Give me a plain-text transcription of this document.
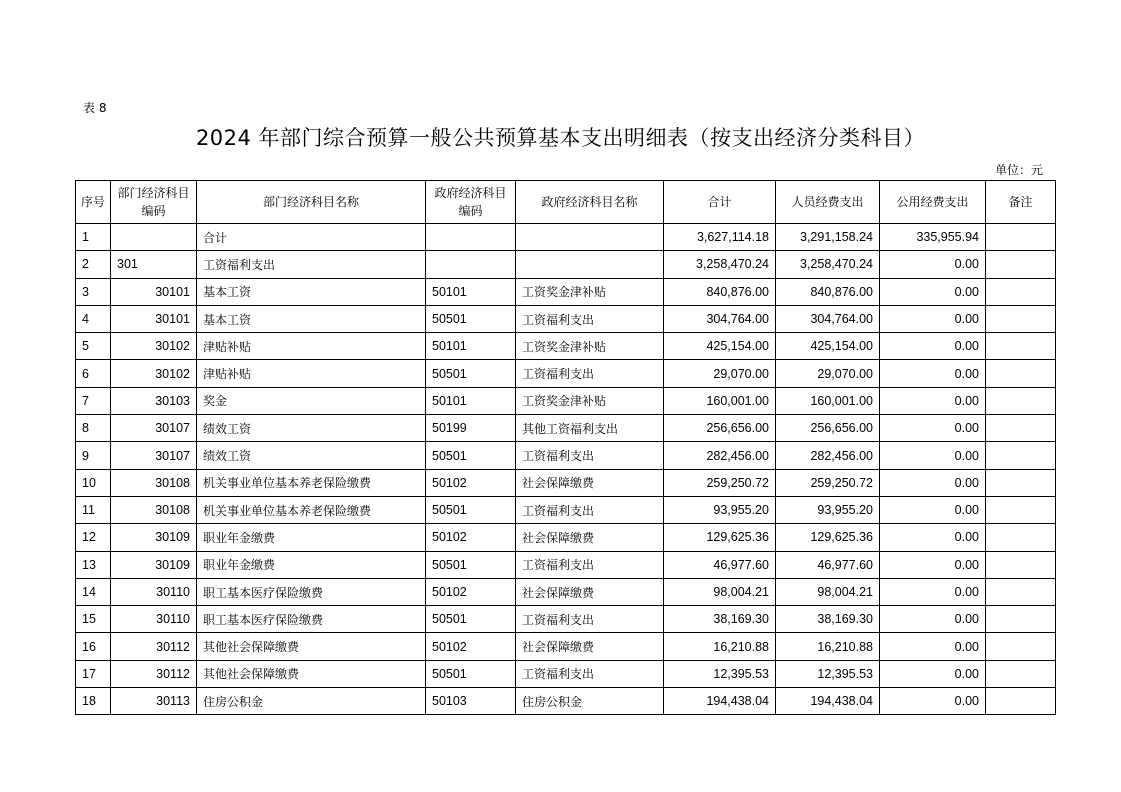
表 8
2024 年部门综合预算一般公共预算基本支出明细表（按支出经济分类科目）
单位：元
序号	部门经济科目编码	部门经济科目名称	政府经济科目编码	政府经济科目名称	合计	人员经费支出	公用经费支出	备注
1		合计			3,627,114.18	3,291,158.24	335,955.94	
2	301	工资福利支出			3,258,470.24	3,258,470.24	0.00	
3	30101	基本工资	50101	工资奖金津补贴	840,876.00	840,876.00	0.00	
4	30101	基本工资	50501	工资福利支出	304,764.00	304,764.00	0.00	
5	30102	津贴补贴	50101	工资奖金津补贴	425,154.00	425,154.00	0.00	
6	30102	津贴补贴	50501	工资福利支出	29,070.00	29,070.00	0.00	
7	30103	奖金	50101	工资奖金津补贴	160,001.00	160,001.00	0.00	
8	30107	绩效工资	50199	其他工资福利支出	256,656.00	256,656.00	0.00	
9	30107	绩效工资	50501	工资福利支出	282,456.00	282,456.00	0.00	
10	30108	机关事业单位基本养老保险缴费	50102	社会保障缴费	259,250.72	259,250.72	0.00	
11	30108	机关事业单位基本养老保险缴费	50501	工资福利支出	93,955.20	93,955.20	0.00	
12	30109	职业年金缴费	50102	社会保障缴费	129,625.36	129,625.36	0.00	
13	30109	职业年金缴费	50501	工资福利支出	46,977.60	46,977.60	0.00	
14	30110	职工基本医疗保险缴费	50102	社会保障缴费	98,004.21	98,004.21	0.00	
15	30110	职工基本医疗保险缴费	50501	工资福利支出	38,169.30	38,169.30	0.00	
16	30112	其他社会保障缴费	50102	社会保障缴费	16,210.88	16,210.88	0.00	
17	30112	其他社会保障缴费	50501	工资福利支出	12,395.53	12,395.53	0.00	
18	30113	住房公积金	50103	住房公积金	194,438.04	194,438.04	0.00	
